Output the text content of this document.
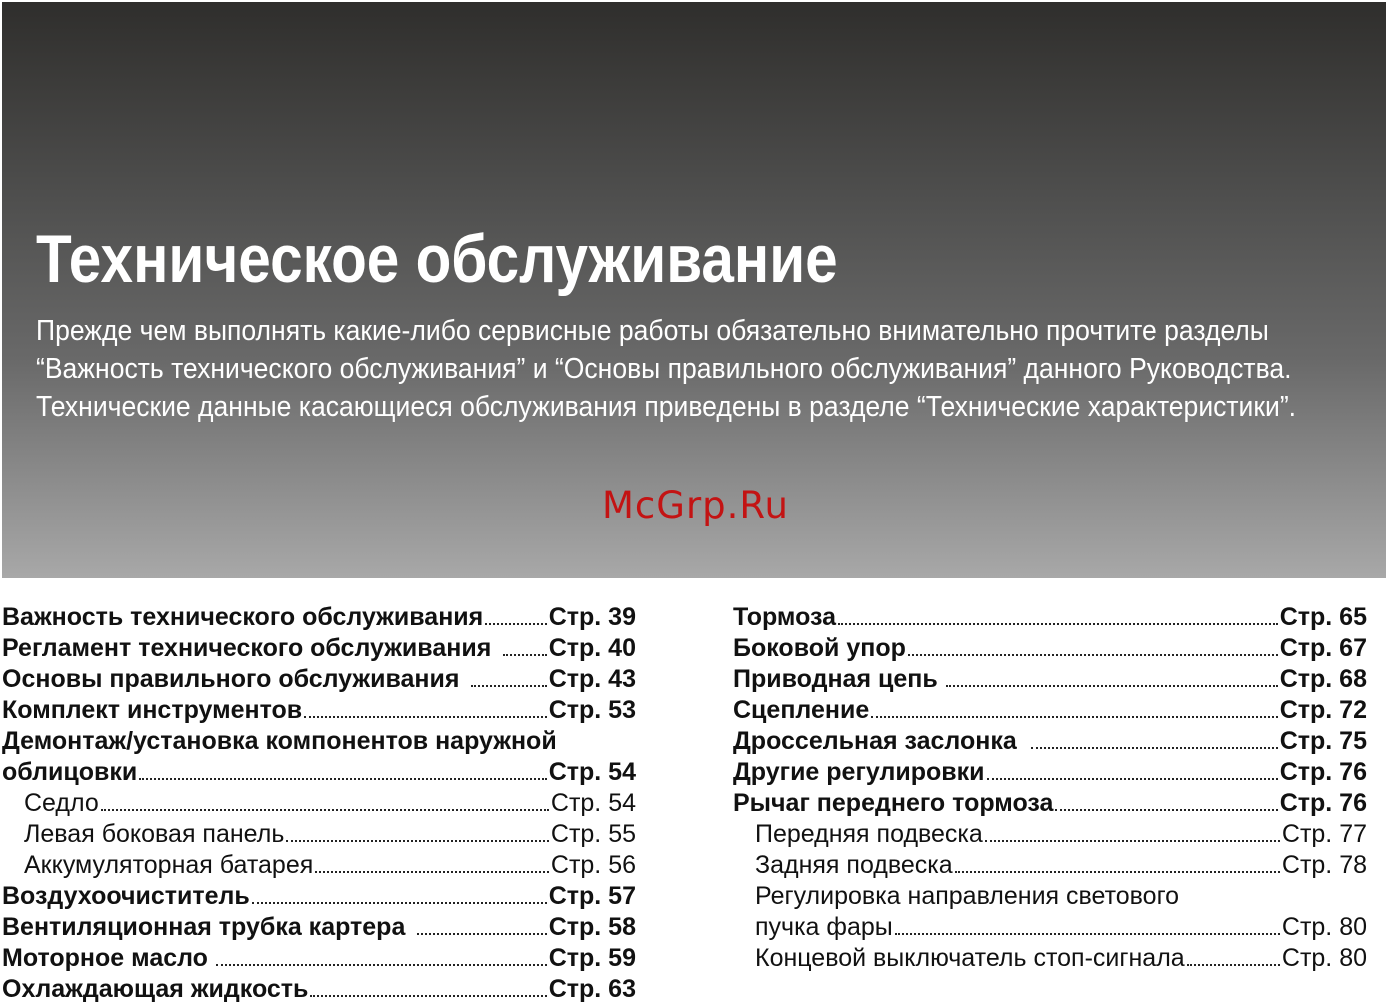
Техническое обслуживание
Прежде чем выполнять какие-либо сервисные работы обязательно внимательно прочтите разделы
“Важность технического обслуживания” и “Основы правильного обслуживания” данного Руководства.
Технические данные касающиеся обслуживания приведены в разделе “Технические характеристики”.
McGrp.Ru
Важность технического обслуживания	Стр. 39
Регламент технического обслуживания Стр. 40
Основы правильного обслуживания	Стр. 43
Комплект инструментов	Стр. 53
Демонтаж/установка компонентов наружной
облицовки	Стр. 54
Седло	Стр. 54
Левая боковая панель	Стр. 55
Аккумуляторная батарея	Стр. 56
Воздухоочиститель	Стр. 57
Вентиляционная трубка картера	Стр. 58
Моторное масло	Стр. 59
Охлаждающая жидкость	Стр. 63
Тормоза	Стр. 65
Боковой упор	Стр. 67
Приводная цепь	Стр. 68
Сцепление	Стр. 72
Дроссельная заслонка	Стр. 75
Другие регулировки	Стр. 76
Рычаг переднего тормоза	Стр. 76
Передняя подвеска	Стр. 77
Задняя подвеска	Стр. 78
Регулировка направления светового
пучка фары	Стр. 80
Концевой выключатель стоп-сигнала	Стр. 80
